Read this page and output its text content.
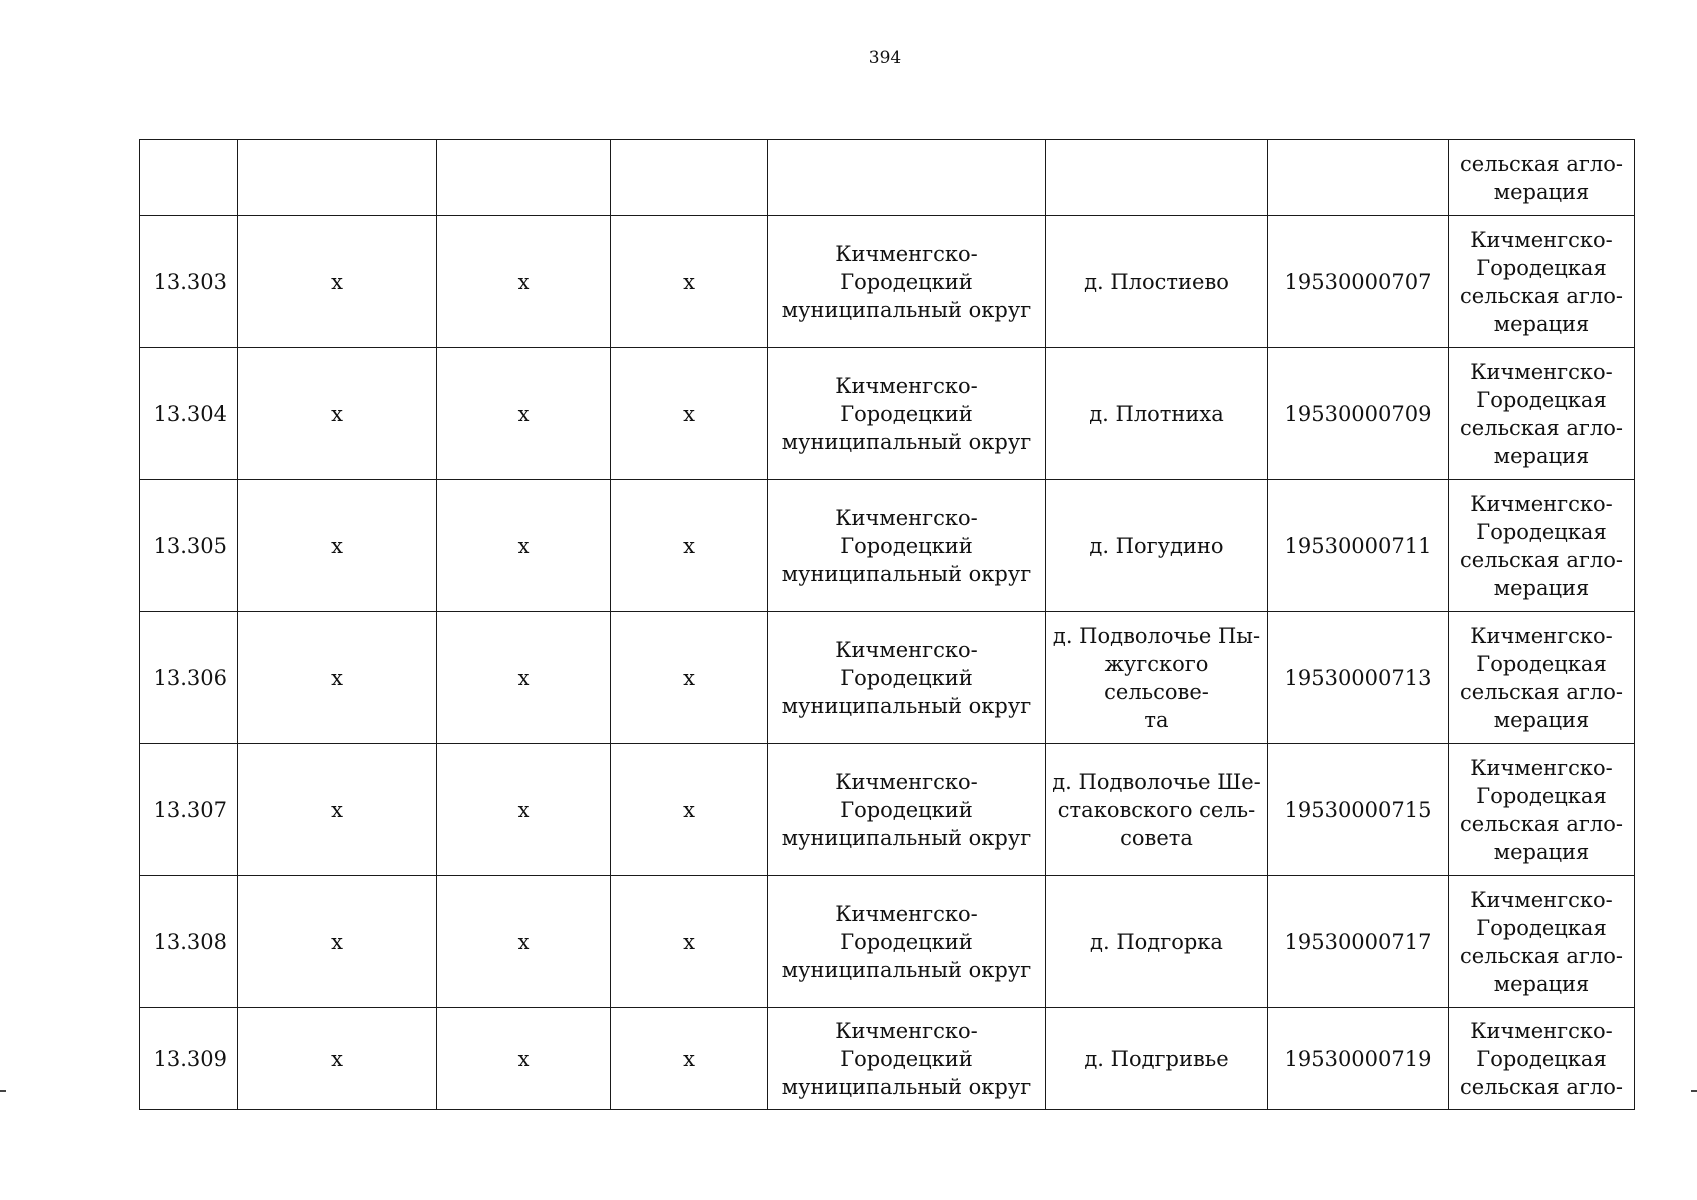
394
							сельская агло-
мерация
13.303	х	х	х	Кичменгско-Городецкий муниципальный округ	д. Плостиево	19530000707	Кичменгско-
Городецкая
сельская агло-
мерация
13.304	х	х	х	Кичменгско-Городецкий муниципальный округ	д. Плотниха	19530000709	Кичменгско-
Городецкая
сельская агло-
мерация
13.305	х	х	х	Кичменгско-Городецкий муниципальный округ	д. Погудино	19530000711	Кичменгско-
Городецкая
сельская агло-
мерация
13.306	х	х	х	Кичменгско-Городецкий муниципальный округ	д. Подволочье Пы-
жугского сельсове-
та	19530000713	Кичменгско-
Городецкая
сельская агло-
мерация
13.307	х	х	х	Кичменгско-Городецкий муниципальный округ	д. Подволочье Ше-
стаковского сель-
совета	19530000715	Кичменгско-
Городецкая
сельская агло-
мерация
13.308	х	х	х	Кичменгско-Городецкий муниципальный округ	д. Подгорка	19530000717	Кичменгско-
Городецкая
сельская агло-
мерация
13.309	х	х	х	Кичменгско-Городецкий муниципальный округ	д. Подгривье	19530000719	Кичменгско-
Городецкая
сельская агло-
